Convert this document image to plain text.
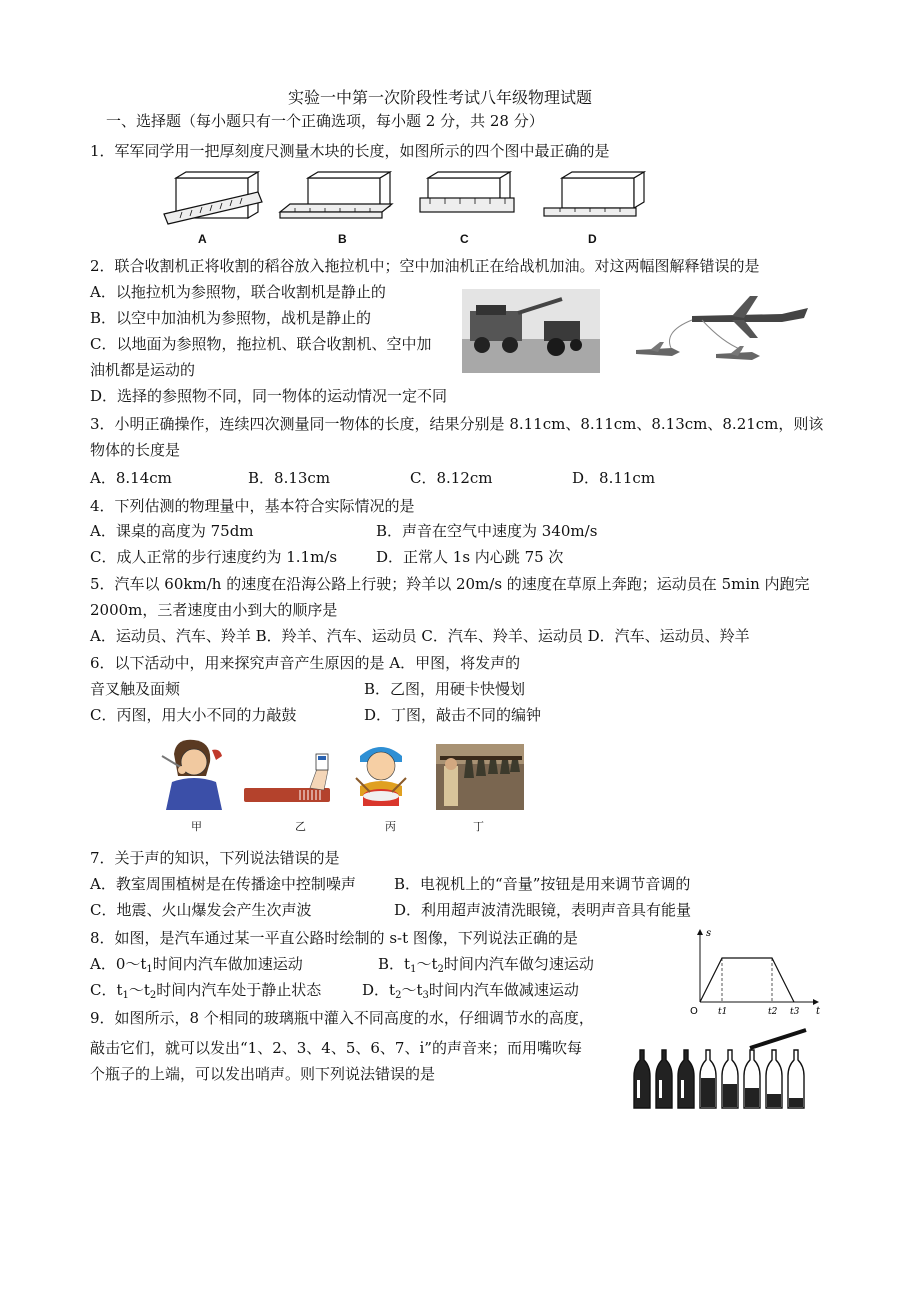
实验一中第一次阶段性考试八年级物理试题
一、选择题（每小题只有一个正确选项，每小题 2 分，共 28 分）
1．军军同学用一把厚刻度尺测量木块的长度，如图所示的四个图中最正确的是
A	B	C	D
2．联合收割机正将收割的稻谷放入拖拉机中；空中加油机正在给战机加油。对这两幅图解释错误的是
A．以拖拉机为参照物，联合收割机是静止的
B．以空中加油机为参照物，战机是静止的
C．以地面为参照物，拖拉机、联合收割机、空中加
油机都是运动的
D．选择的参照物不同，同一物体的运动情况一定不同
3．小明正确操作，连续四次测量同一物体的长度，结果分别是 8.11cm、8.11cm、8.13cm、8.21cm，则该
物体的长度是
A．8.14cm	B．8.13cm	C．8.12cm	D．8.11cm
4．下列估测的物理量中，基本符合实际情况的是
A．课桌的高度为 75dm	B．声音在空气中速度为 340m/s
C．成人正常的步行速度约为 1.1m/s	D．正常人 1s 内心跳 75 次
5．汽车以 60km/h 的速度在沿海公路上行驶；羚羊以 20m/s 的速度在草原上奔跑；运动员在 5min 内跑完
2000m，三者速度由小到大的顺序是
A．运动员、汽车、羚羊 B．羚羊、汽车、运动员 C．汽车、羚羊、运动员 D．汽车、运动员、羚羊
6．以下活动中，用来探究声音产生原因的是 A．甲图，将发声的
音叉触及面颊	B．乙图，用硬卡快慢划
C．丙图，用大小不同的力敲鼓	D．丁图，敲击不同的编钟
甲	乙	丙	丁
7．关于声的知识，下列说法错误的是
A．教室周围植树是在传播途中控制噪声	B．电视机上的“音量”按钮是用来调节音调的
C．地震、火山爆发会产生次声波	D．利用超声波清洗眼镜，表明声音具有能量
8．如图，是汽车通过某一平直公路时绘制的 s-t 图像，下列说法正确的是
A．$0\sim t_1$时间内汽车做加速运动	B．$t_1\sim t_2$时间内汽车做匀速运动
C．$t_1\sim t_2$时间内汽车处于静止状态	D．$t_2\sim t_3$时间内汽车做减速运动
s
t
O t1	t2 t3
9．如图所示，8 个相同的玻璃瓶中灌入不同高度的水，仔细调节水的高度，
敲击它们，就可以发出“1、2、3、4、5、6、7、i̇”的声音来；而用嘴吹每
个瓶子的上端，可以发出哨声。则下列说法错误的是
